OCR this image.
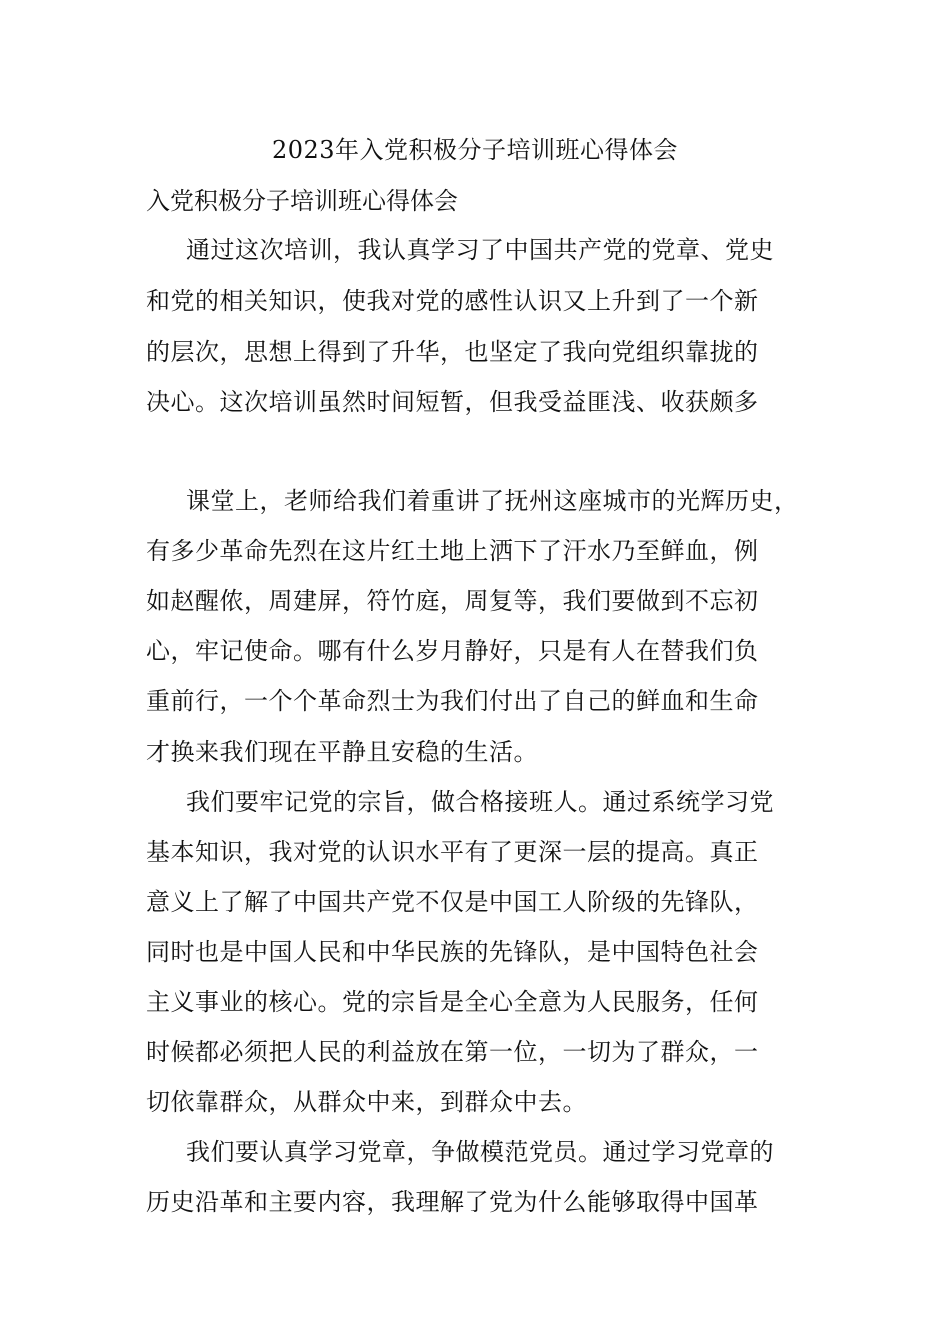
2023年入党积极分子培训班心得体会
入党积极分子培训班心得体会
通过这次培训，我认真学习了中国共产党的党章、党史
和党的相关知识，使我对党的感性认识又上升到了一个新
的层次，思想上得到了升华，也坚定了我向党组织靠拢的
决心。这次培训虽然时间短暂，但我受益匪浅、收获颇多
课堂上，老师给我们着重讲了抚州这座城市的光辉历史，
有多少革命先烈在这片红土地上洒下了汗水乃至鲜血，例
如赵醒侬，周建屏，符竹庭，周复等，我们要做到不忘初
心，牢记使命。哪有什么岁月静好，只是有人在替我们负
重前行，一个个革命烈士为我们付出了自己的鲜血和生命
才换来我们现在平静且安稳的生活。
我们要牢记党的宗旨，做合格接班人。通过系统学习党
基本知识，我对党的认识水平有了更深一层的提高。真正
意义上了解了中国共产党不仅是中国工人阶级的先锋队，
同时也是中国人民和中华民族的先锋队，是中国特色社会
主义事业的核心。党的宗旨是全心全意为人民服务，任何
时候都必须把人民的利益放在第一位，一切为了群众，一
切依靠群众，从群众中来，到群众中去。
我们要认真学习党章，争做模范党员。通过学习党章的
历史沿革和主要内容，我理解了党为什么能够取得中国革
